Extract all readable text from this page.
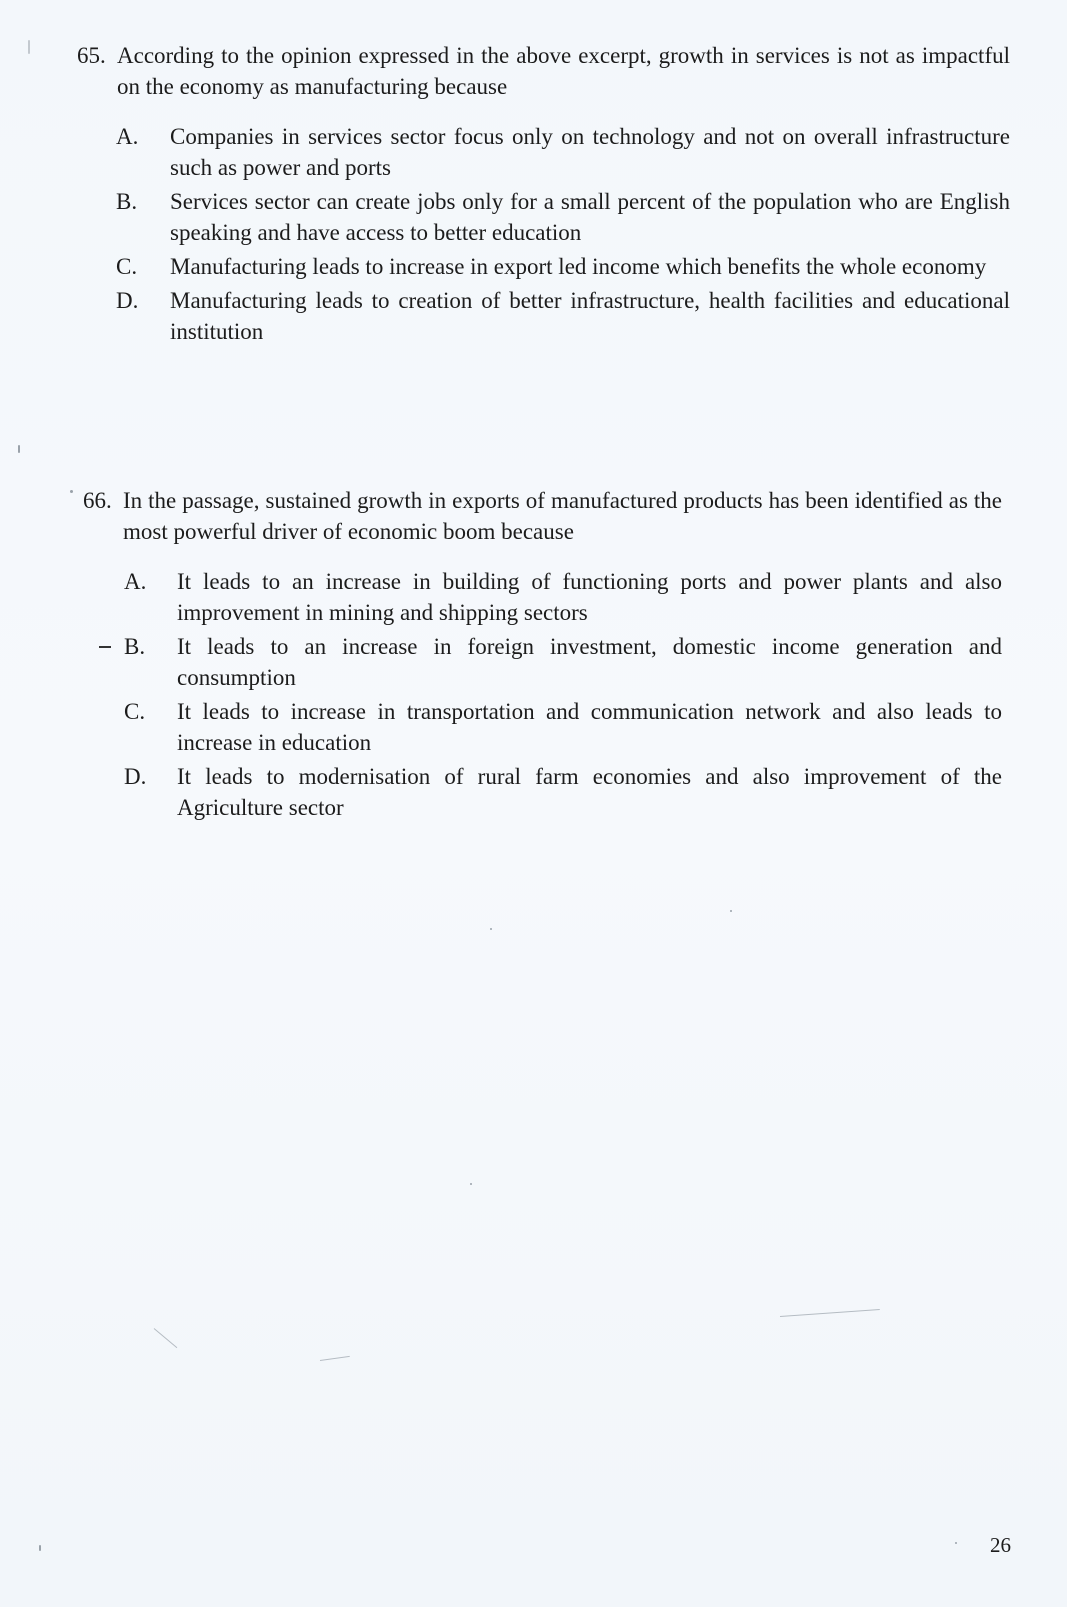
65. According to the opinion expressed in the above excerpt, growth in services is not as impactful on the economy as manufacturing because
A. Companies in services sector focus only on technology and not on overall infrastructure such as power and ports
B. Services sector can create jobs only for a small percent of the population who are English speaking and have access to better education
C. Manufacturing leads to increase in export led income which benefits the whole economy
D. Manufacturing leads to creation of better infrastructure, health facilities and educational institution
66. In the passage, sustained growth in exports of manufactured products has been identified as the most powerful driver of economic boom because
A. It leads to an increase in building of functioning ports and power plants and also improvement in mining and shipping sectors
B. It leads to an increase in foreign investment, domestic income generation and consumption
C. It leads to increase in transportation and communication network and also leads to increase in education
D. It leads to modernisation of rural farm economies and also improvement of the Agriculture sector
26
